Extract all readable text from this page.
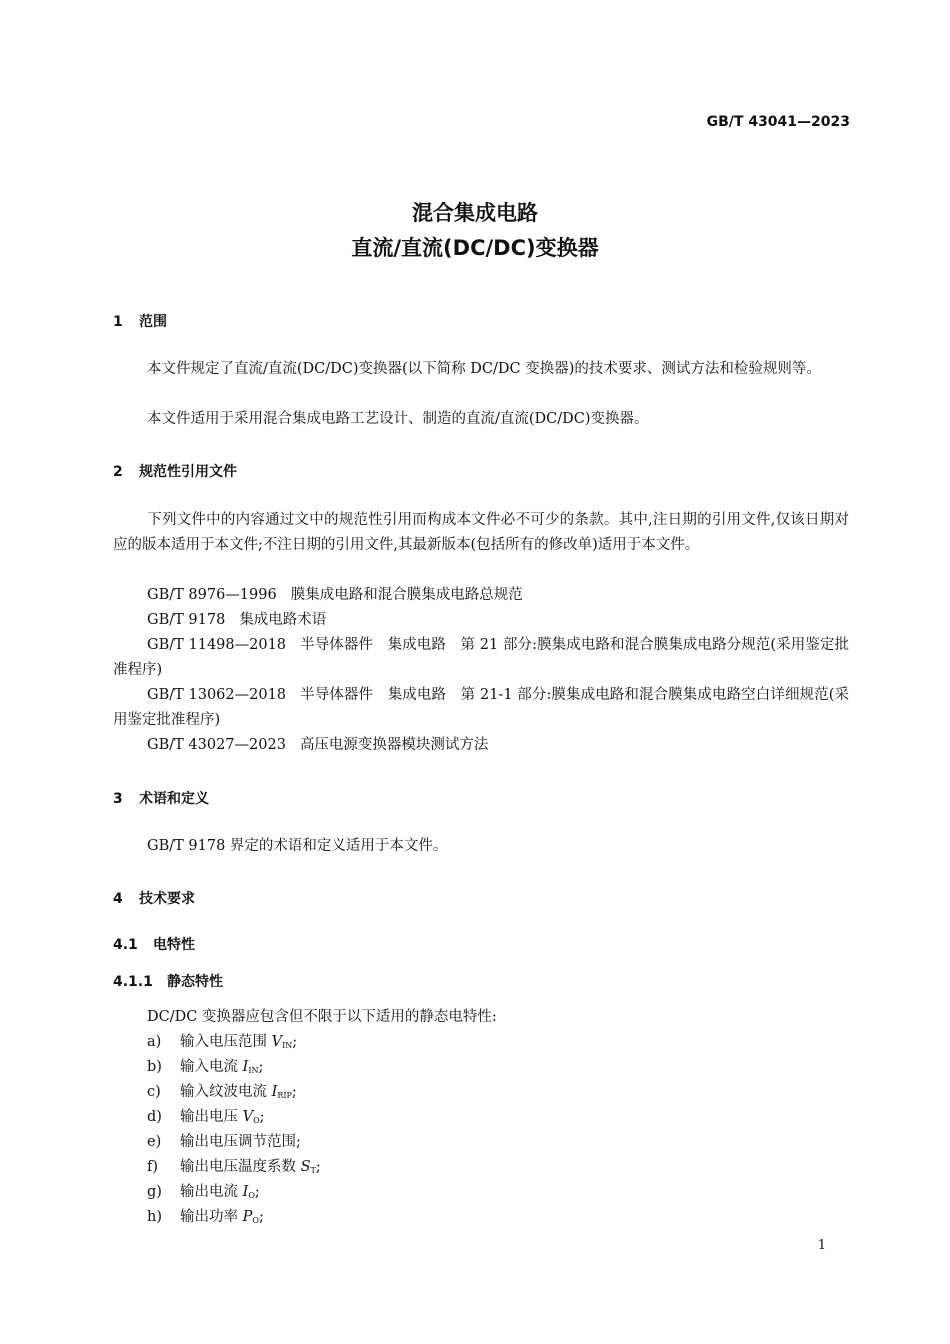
GB/T 43041—2023
混合集成电路
直流/直流(DC/DC)变换器
1 范围
本文件规定了直流/直流(DC/DC)变换器(以下简称 DC/DC 变换器)的技术要求、测试方法和检验规则等。
本文件适用于采用混合集成电路工艺设计、制造的直流/直流(DC/DC)变换器。
2 规范性引用文件
下列文件中的内容通过文中的规范性引用而构成本文件必不可少的条款。其中,注日期的引用文件,仅该日期对应的版本适用于本文件;不注日期的引用文件,其最新版本(包括所有的修改单)适用于本文件。
GB/T 8976—1996 膜集成电路和混合膜集成电路总规范
GB/T 9178 集成电路术语
GB/T 11498—2018 半导体器件　集成电路　第 21 部分:膜集成电路和混合膜集成电路分规范(采用鉴定批准程序)
GB/T 13062—2018 半导体器件　集成电路　第 21-1 部分:膜集成电路和混合膜集成电路空白详细规范(采用鉴定批准程序)
GB/T 43027—2023 高压电源变换器模块测试方法
3 术语和定义
GB/T 9178 界定的术语和定义适用于本文件。
4 技术要求
4.1 电特性
4.1.1 静态特性
DC/DC 变换器应包含但不限于以下适用的静态电特性:
a) 输入电压范围 $V_{IN}$;
b) 输入电流 $I_{IN}$;
c) 输入纹波电流 $I_{RIP}$;
d) 输出电压 $V_O$;
e) 输出电压调节范围;
f) 输出电压温度系数 $S_T$;
g) 输出电流 $I_O$;
h) 输出功率 $P_O$;
1
